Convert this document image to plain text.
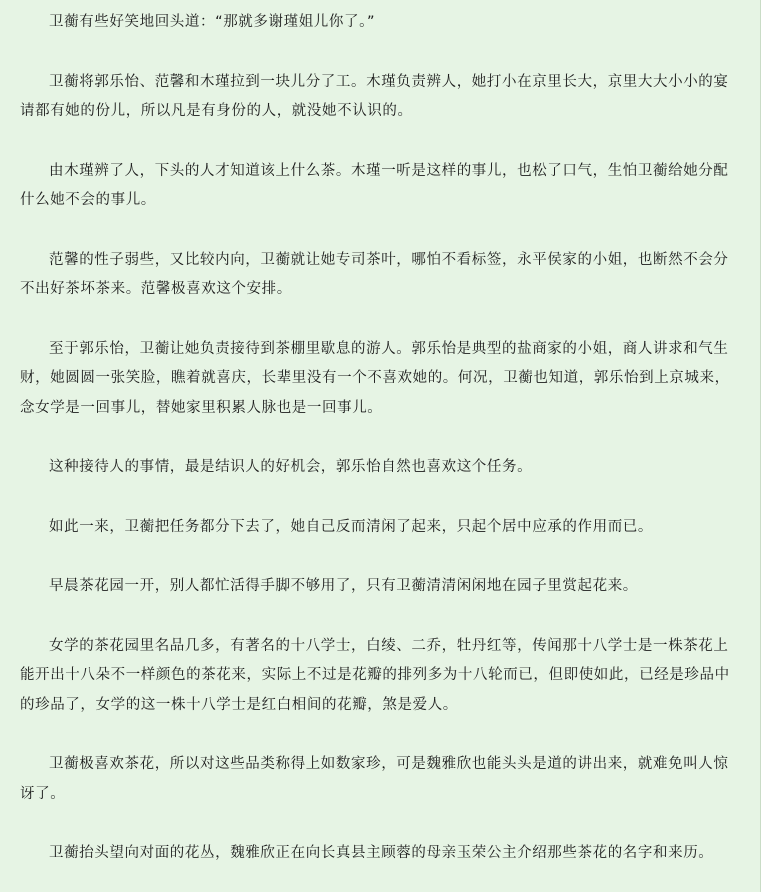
卫蘅有些好笑地回头道：“那就多谢瑾姐儿你了。”

卫蘅将郭乐怡、范馨和木瑾拉到一块儿分了工。木瑾负责辨人，她打小在京里长大，京里大大小小的宴请都有她的份儿，所以凡是有身份的人，就没她不认识的。

由木瑾辨了人，下头的人才知道该上什么茶。木瑾一听是这样的事儿，也松了口气，生怕卫蘅给她分配什么她不会的事儿。

范馨的性子弱些，又比较内向，卫蘅就让她专司茶叶，哪怕不看标签，永平侯家的小姐，也断然不会分不出好茶坏茶来。范馨极喜欢这个安排。

至于郭乐怡，卫蘅让她负责接待到茶棚里歇息的游人。郭乐怡是典型的盐商家的小姐，商人讲求和气生财，她圆圆一张笑脸，瞧着就喜庆，长辈里没有一个不喜欢她的。何况，卫蘅也知道，郭乐怡到上京城来，念女学是一回事儿，替她家里积累人脉也是一回事儿。

这种接待人的事情，最是结识人的好机会，郭乐怡自然也喜欢这个任务。

如此一来，卫蘅把任务都分下去了，她自己反而清闲了起来，只起个居中应承的作用而已。

早晨茶花园一开，别人都忙活得手脚不够用了，只有卫蘅清清闲闲地在园子里赏起花来。

女学的茶花园里名品几多，有著名的十八学士，白绫、二乔，牡丹红等，传闻那十八学士是一株茶花上能开出十八朵不一样颜色的茶花来，实际上不过是花瓣的排列多为十八轮而已，但即使如此，已经是珍品中的珍品了，女学的这一株十八学士是红白相间的花瓣，煞是爱人。

卫蘅极喜欢茶花，所以对这些品类称得上如数家珍，可是魏雅欣也能头头是道的讲出来，就难免叫人惊讶了。

卫蘅抬头望向对面的花丛，魏雅欣正在向长真县主顾蓉的母亲玉荣公主介绍那些茶花的名字和来历。
